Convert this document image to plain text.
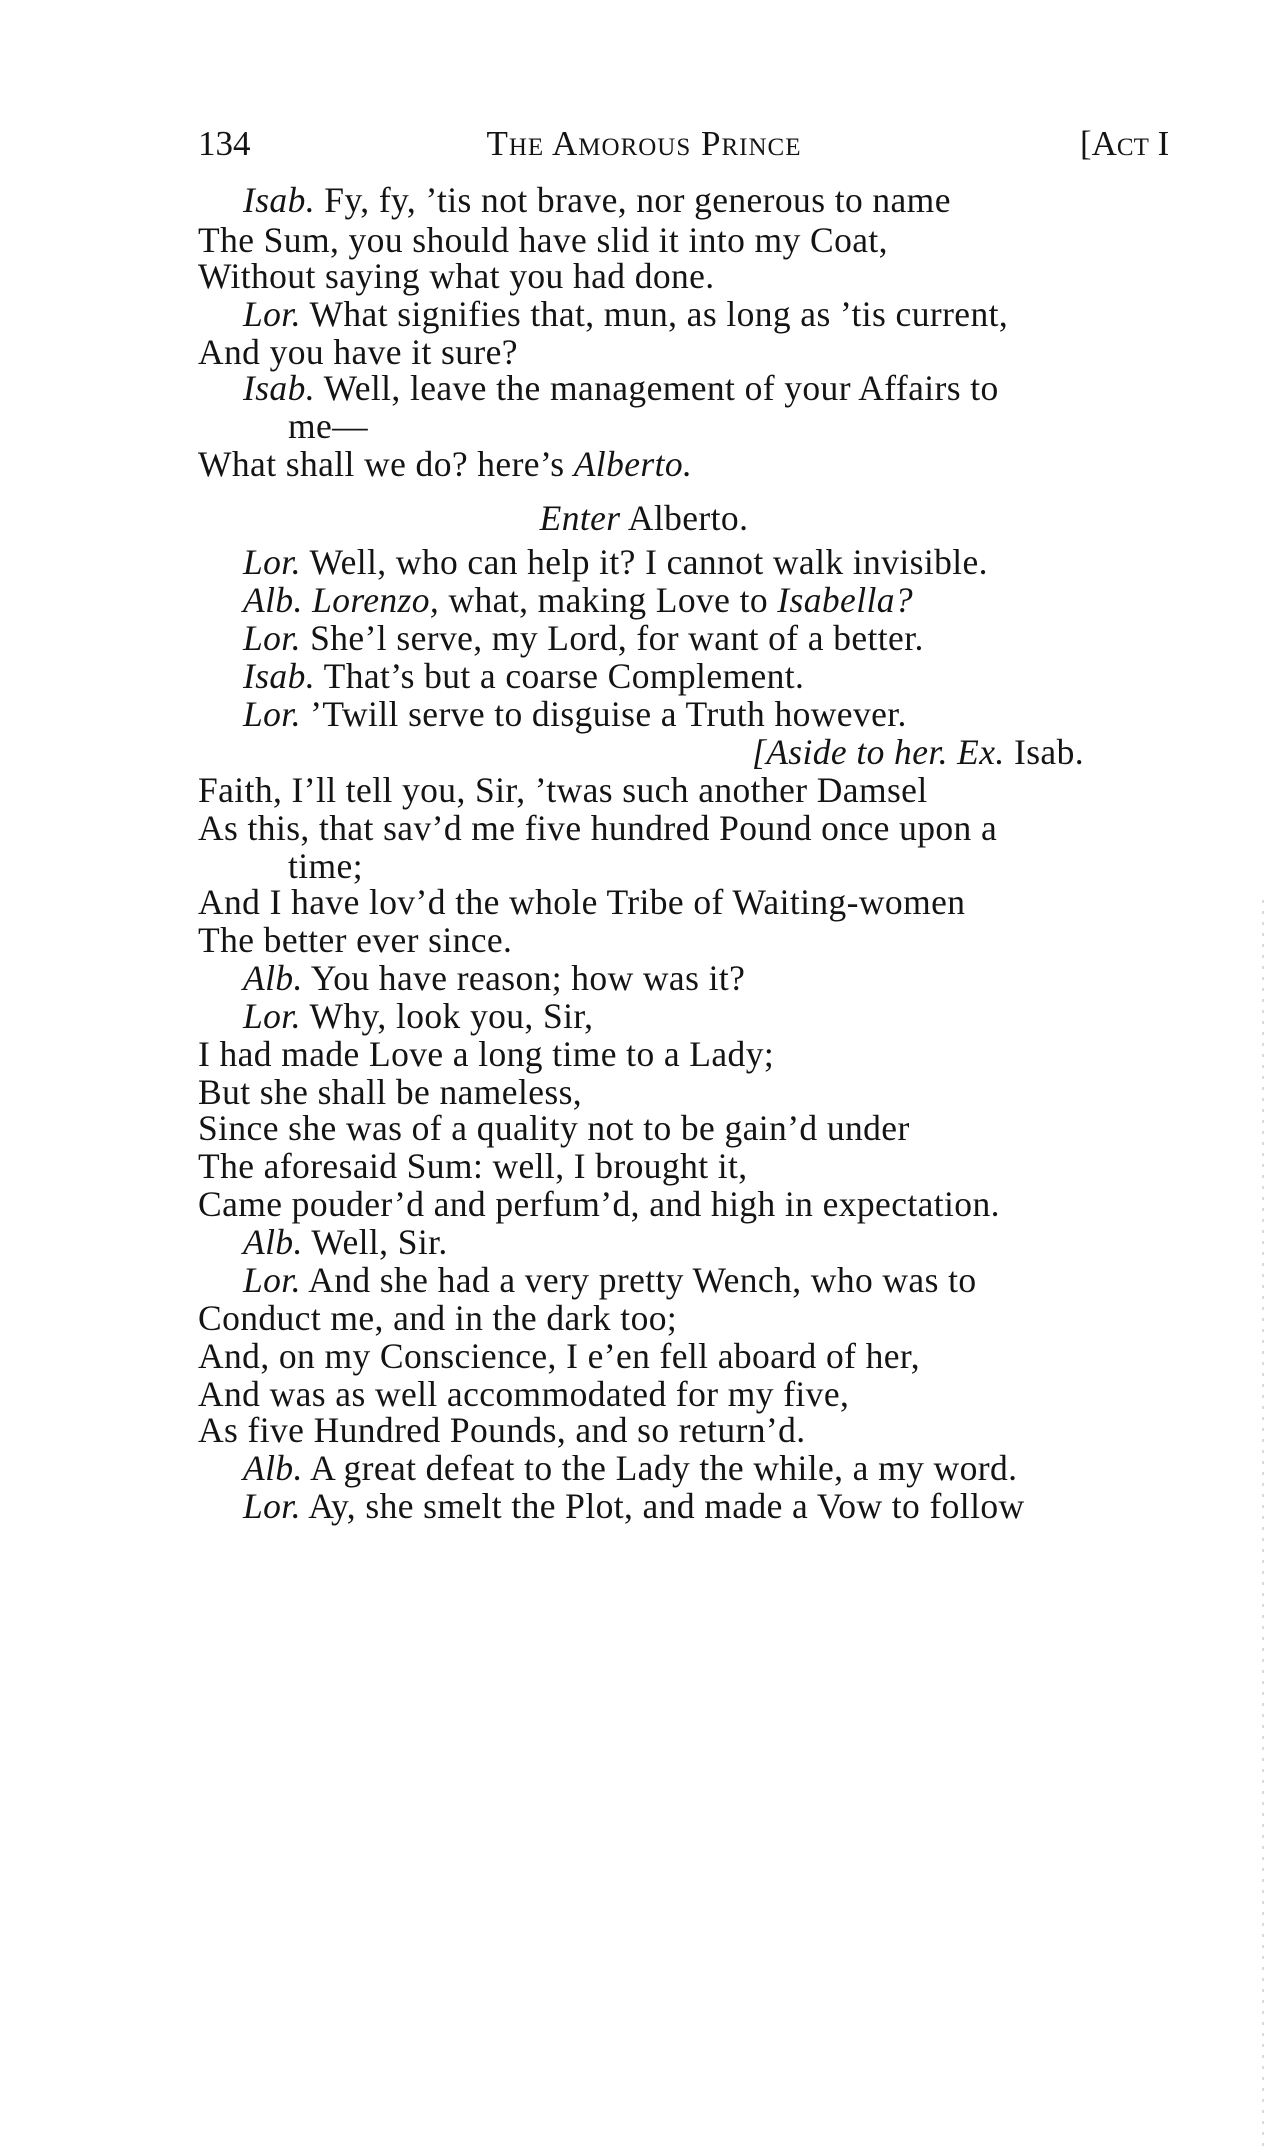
134	The Amorous Prince	[Act I
Isab. Fy, fy, ’tis not brave, nor generous to name
The Sum, you should have slid it into my Coat,
Without saying what you had done.
Lor. What signifies that, mun, as long as ’tis current,
And you have it sure?
Isab. Well, leave the management of your Affairs to
me—
What shall we do? here’s Alberto.
Enter Alberto.
Lor. Well, who can help it? I cannot walk invisible.
Alb. Lorenzo, what, making Love to Isabella?
Lor. She’l serve, my Lord, for want of a better.
Isab. That’s but a coarse Complement.
Lor. ’Twill serve to disguise a Truth however.
[Aside to her. Ex. Isab.
Faith, I’ll tell you, Sir, ’twas such another Damsel
As this, that sav’d me five hundred Pound once upon a
time;
And I have lov’d the whole Tribe of Waiting-women
The better ever since.
Alb. You have reason; how was it?
Lor. Why, look you, Sir,
I had made Love a long time to a Lady;
But she shall be nameless,
Since she was of a quality not to be gain’d under
The aforesaid Sum: well, I brought it,
Came pouder’d and perfum’d, and high in expectation.
Alb. Well, Sir.
Lor. And she had a very pretty Wench, who was to
Conduct me, and in the dark too;
And, on my Conscience, I e’en fell aboard of her,
And was as well accommodated for my five,
As five Hundred Pounds, and so return’d.
Alb. A great defeat to the Lady the while, a my word.
Lor. Ay, she smelt the Plot, and made a Vow to follow
